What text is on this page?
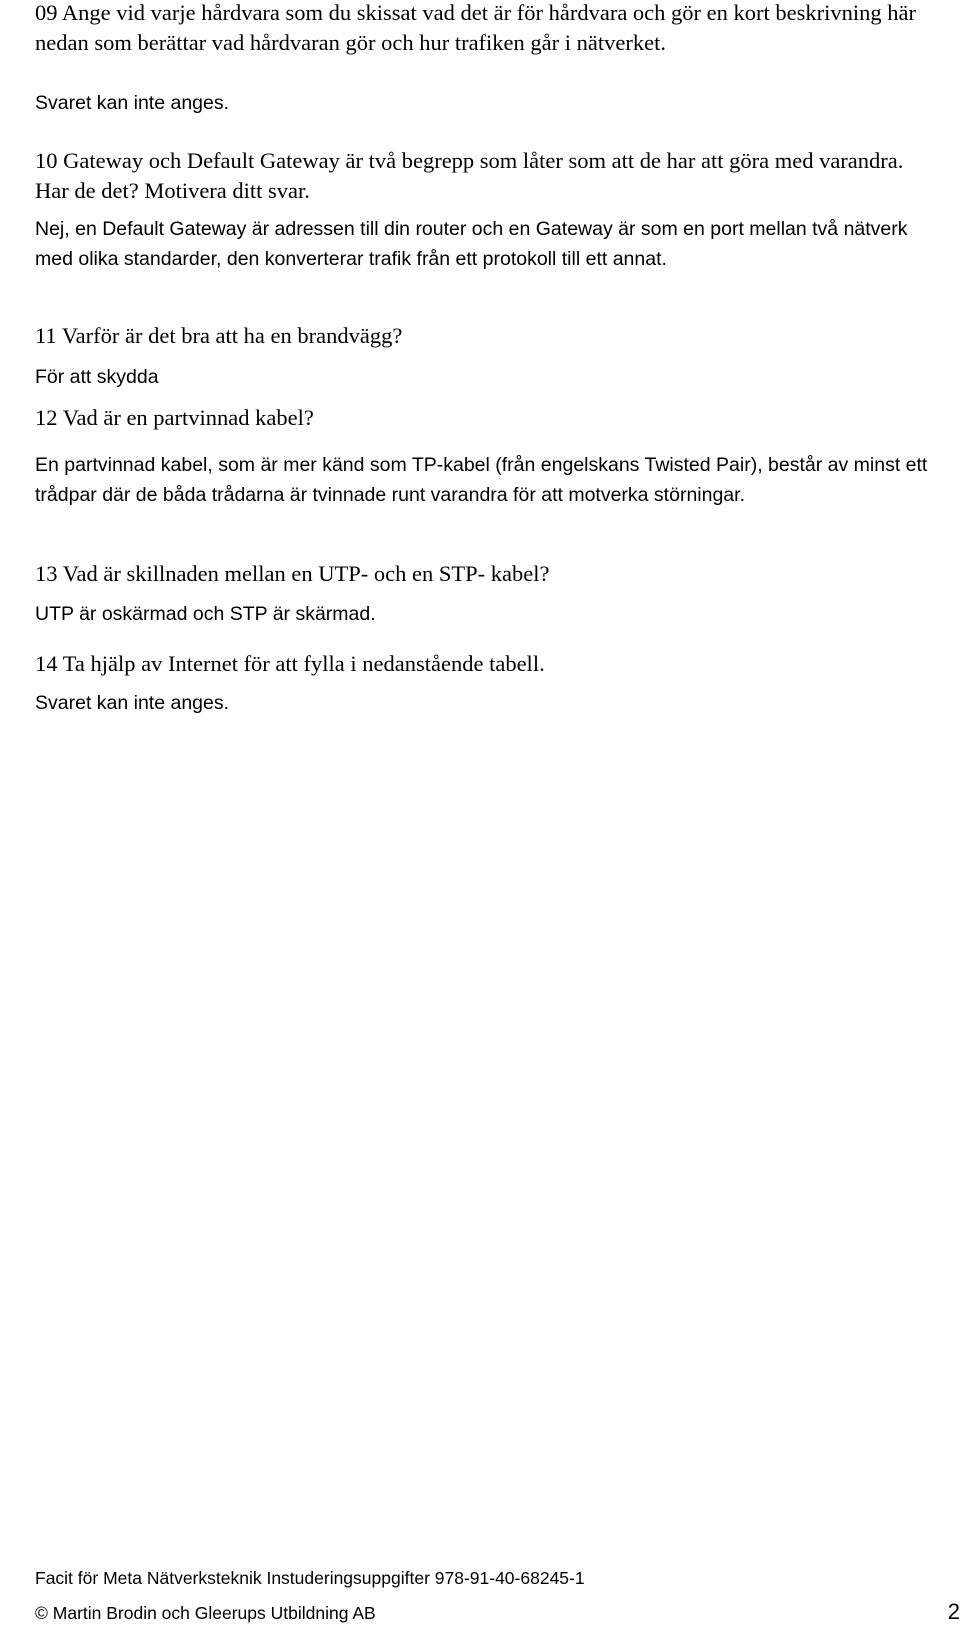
09 Ange vid varje hårdvara som du skissat vad det är för hårdvara och gör en kort beskrivning här nedan som berättar vad hårdvaran gör och hur trafiken går i nätverket.

Svaret kan inte anges.

10 Gateway och Default Gateway är två begrepp som låter som att de har att göra med varandra. Har de det? Motivera ditt svar.

Nej, en Default Gateway är adressen till din router och en Gateway är som en port mellan två nätverk med olika standarder, den konverterar trafik från ett protokoll till ett annat.

11 Varför är det bra att ha en brandvägg?

För att skydda

12 Vad är en partvinnad kabel?

En partvinnad kabel, som är mer känd som TP-kabel (från engelskans Twisted Pair), består av minst ett trådpar där de båda trådarna är tvinnade runt varandra för att motverka störningar.

13 Vad är skillnaden mellan en UTP- och en STP- kabel?

UTP är oskärmad och STP är skärmad.

14 Ta hjälp av Internet för att fylla i nedanstående tabell.

Svaret kan inte anges.

Facit för Meta Nätverksteknik Instuderingsuppgifter 978-91-40-68245-1

© Martin Brodin och Gleerups Utbildning AB	2
